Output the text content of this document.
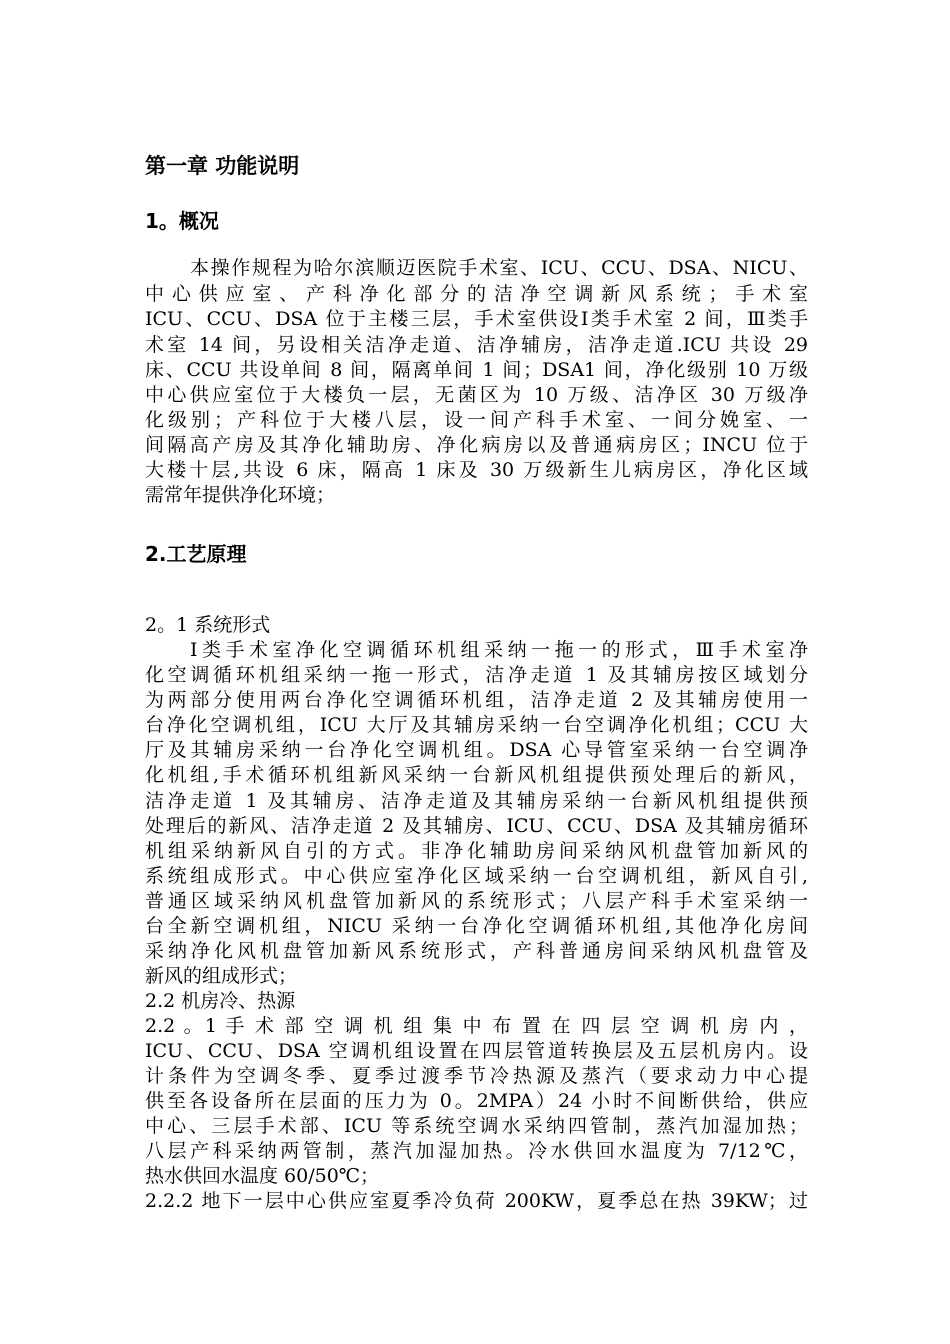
第一章 功能说明
1。概况
本操作规程为哈尔滨顺迈医院手术室、ICU、CCU、DSA、NICU、
中心供应室、产科净化部分的洁净空调新风系统；手术室
ICU、CCU、DSA 位于主楼三层，手术室供设Ⅰ类手术室 2 间，Ⅲ类手
术室 14 间，另设相关洁净走道、洁净辅房，洁净走道.ICU 共设 29
床、CCU 共设单间 8 间，隔离单间 1 间；DSA1 间，净化级别 10 万级
中心供应室位于大楼负一层，无菌区为 10 万级、洁净区 30 万级净
化级别；产科位于大楼八层，设一间产科手术室、一间分娩室、一
间隔高产房及其净化辅助房、净化病房以及普通病房区；INCU 位于
大楼十层,共设 6 床，隔高 1 床及 30 万级新生儿病房区，净化区域
需常年提供净化环境；
2.工艺原理
2。1 系统形式
Ⅰ类手术室净化空调循环机组采纳一拖一的形式，Ⅲ手术室净
化空调循环机组采纳一拖一形式，洁净走道 1 及其辅房按区域划分
为两部分使用两台净化空调循环机组，洁净走道 2 及其辅房使用一
台净化空调机组，ICU 大厅及其辅房采纳一台空调净化机组；CCU 大
厅及其辅房采纳一台净化空调机组。DSA 心导管室采纳一台空调净
化机组,手术循环机组新风采纳一台新风机组提供预处理后的新风，
洁净走道 1 及其辅房、洁净走道及其辅房采纳一台新风机组提供预
处理后的新风、洁净走道 2 及其辅房、ICU、CCU、DSA 及其辅房循环
机组采纳新风自引的方式。非净化辅助房间采纳风机盘管加新风的
系统组成形式。中心供应室净化区域采纳一台空调机组，新风自引,
普通区域采纳风机盘管加新风的系统形式；八层产科手术室采纳一
台全新空调机组，NICU 采纳一台净化空调循环机组,其他净化房间
采纳净化风机盘管加新风系统形式，产科普通房间采纳风机盘管及
新风的组成形式；
2.2 机房冷、热源
2.2 。1 手 术 部 空 调 机 组 集 中 布 置 在 四 层 空 调 机 房 内 ，
ICU、CCU、DSA 空调机组设置在四层管道转换层及五层机房内。设
计条件为空调冬季、夏季过渡季节冷热源及蒸汽（要求动力中心提
供至各设备所在层面的压力为 0。2MPA）24 小时不间断供给，供应
中心、三层手术部、ICU 等系统空调水采纳四管制，蒸汽加湿加热；
八层产科采纳两管制，蒸汽加湿加热。冷水供回水温度为 7/12℃，
热水供回水温度 60/50℃；
2.2.2 地下一层中心供应室夏季冷负荷 200KW，夏季总在热 39KW；过
